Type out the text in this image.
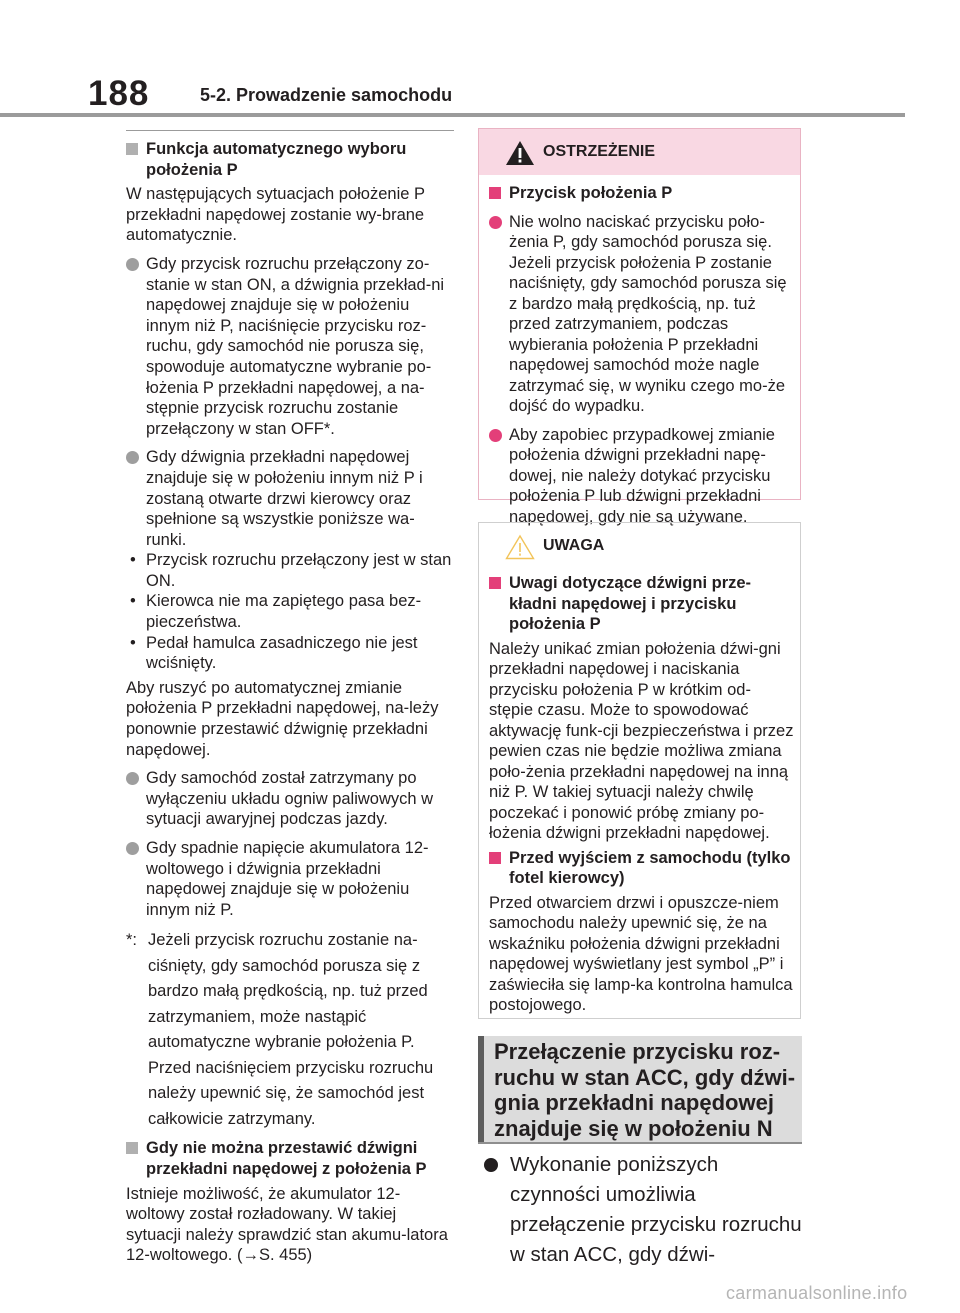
188	5-2. Prowadzenie samochodu
Funkcja automatycznego wyboru położenia P
W następujących sytuacjach położenie P przekładni napędowej zostanie wy-brane automatycznie.
Gdy przycisk rozruchu przełączony zo-stanie w stan ON, a dźwignia przekład-ni napędowej znajduje się w położeniu innym niż P, naciśnięcie przycisku roz-ruchu, gdy samochód nie porusza się, spowoduje automatyczne wybranie po-łożenia P przekładni napędowej, a na-stępnie przycisk rozruchu zostanie przełączony w stan OFF*.
Gdy dźwignia przekładni napędowej znajduje się w położeniu innym niż P i zostaną otwarte drzwi kierowcy oraz spełnione są wszystkie poniższe wa-runki.
• Przycisk rozruchu przełączony jest w stan ON.
• Kierowca nie ma zapiętego pasa bez-pieczeństwa.
• Pedał hamulca zasadniczego nie jest wciśnięty.
Aby ruszyć po automatycznej zmianie położenia P przekładni napędowej, na-leży ponownie przestawić dźwignię przekładni napędowej.
Gdy samochód został zatrzymany po wyłączeniu układu ogniw paliwowych w sytuacji awaryjnej podczas jazdy.
Gdy spadnie napięcie akumulatora 12-woltowego i dźwignia przekładni napędowej znajduje się w położeniu innym niż P.
*: Jeżeli przycisk rozruchu zostanie na-ciśnięty, gdy samochód porusza się z bardzo małą prędkością, np. tuż przed zatrzymaniem, może nastąpić automatyczne wybranie położenia P. Przed naciśnięciem przycisku rozruchu należy upewnić się, że samochód jest całkowicie zatrzymany.
Gdy nie można przestawić dźwigni przekładni napędowej z położenia P
Istnieje możliwość, że akumulator 12-woltowy został rozładowany. W takiej sytuacji należy sprawdzić stan akumu-latora 12-woltowego. (→S. 455)
OSTRZEŻENIE
Przycisk położenia P
Nie wolno naciskać przycisku poło-żenia P, gdy samochód porusza się. Jeżeli przycisk położenia P zostanie naciśnięty, gdy samochód porusza się z bardzo małą prędkością, np. tuż przed zatrzymaniem, podczas wybierania położenia P przekładni napędowej samochód może nagle zatrzymać się, w wyniku czego mo-że dojść do wypadku.
Aby zapobiec przypadkowej zmianie położenia dźwigni przekładni napę-dowej, nie należy dotykać przycisku położenia P lub dźwigni przekładni napędowej, gdy nie są używane.
UWAGA
Uwagi dotyczące dźwigni prze-kładni napędowej i przycisku położenia P
Należy unikać zmian położenia dźwi-gni przekładni napędowej i naciskania przycisku położenia P w krótkim od-stępie czasu. Może to spowodować aktywację funk-cji bezpieczeństwa i przez pewien czas nie będzie możliwa zmiana poło-żenia przekładni napędowej na inną niż P. W takiej sytuacji należy chwilę poczekać i ponowić próbę zmiany po-łożenia dźwigni przekładni napędowej.
Przed wyjściem z samochodu (tylko fotel kierowcy)
Przed otwarciem drzwi i opuszcze-niem samochodu należy upewnić się, że na wskaźniku położenia dźwigni przekładni napędowej wyświetlany jest symbol „P” i zaświeciła się lamp-ka kontrolna hamulca postojowego.
Przełączenie przycisku roz-ruchu w stan ACC, gdy dźwi-gnia przekładni napędowej znajduje się w położeniu N
Wykonanie poniższych czynności umożliwia przełączenie przycisku rozruchu w stan ACC, gdy dźwi-
carmanualsonline.info
